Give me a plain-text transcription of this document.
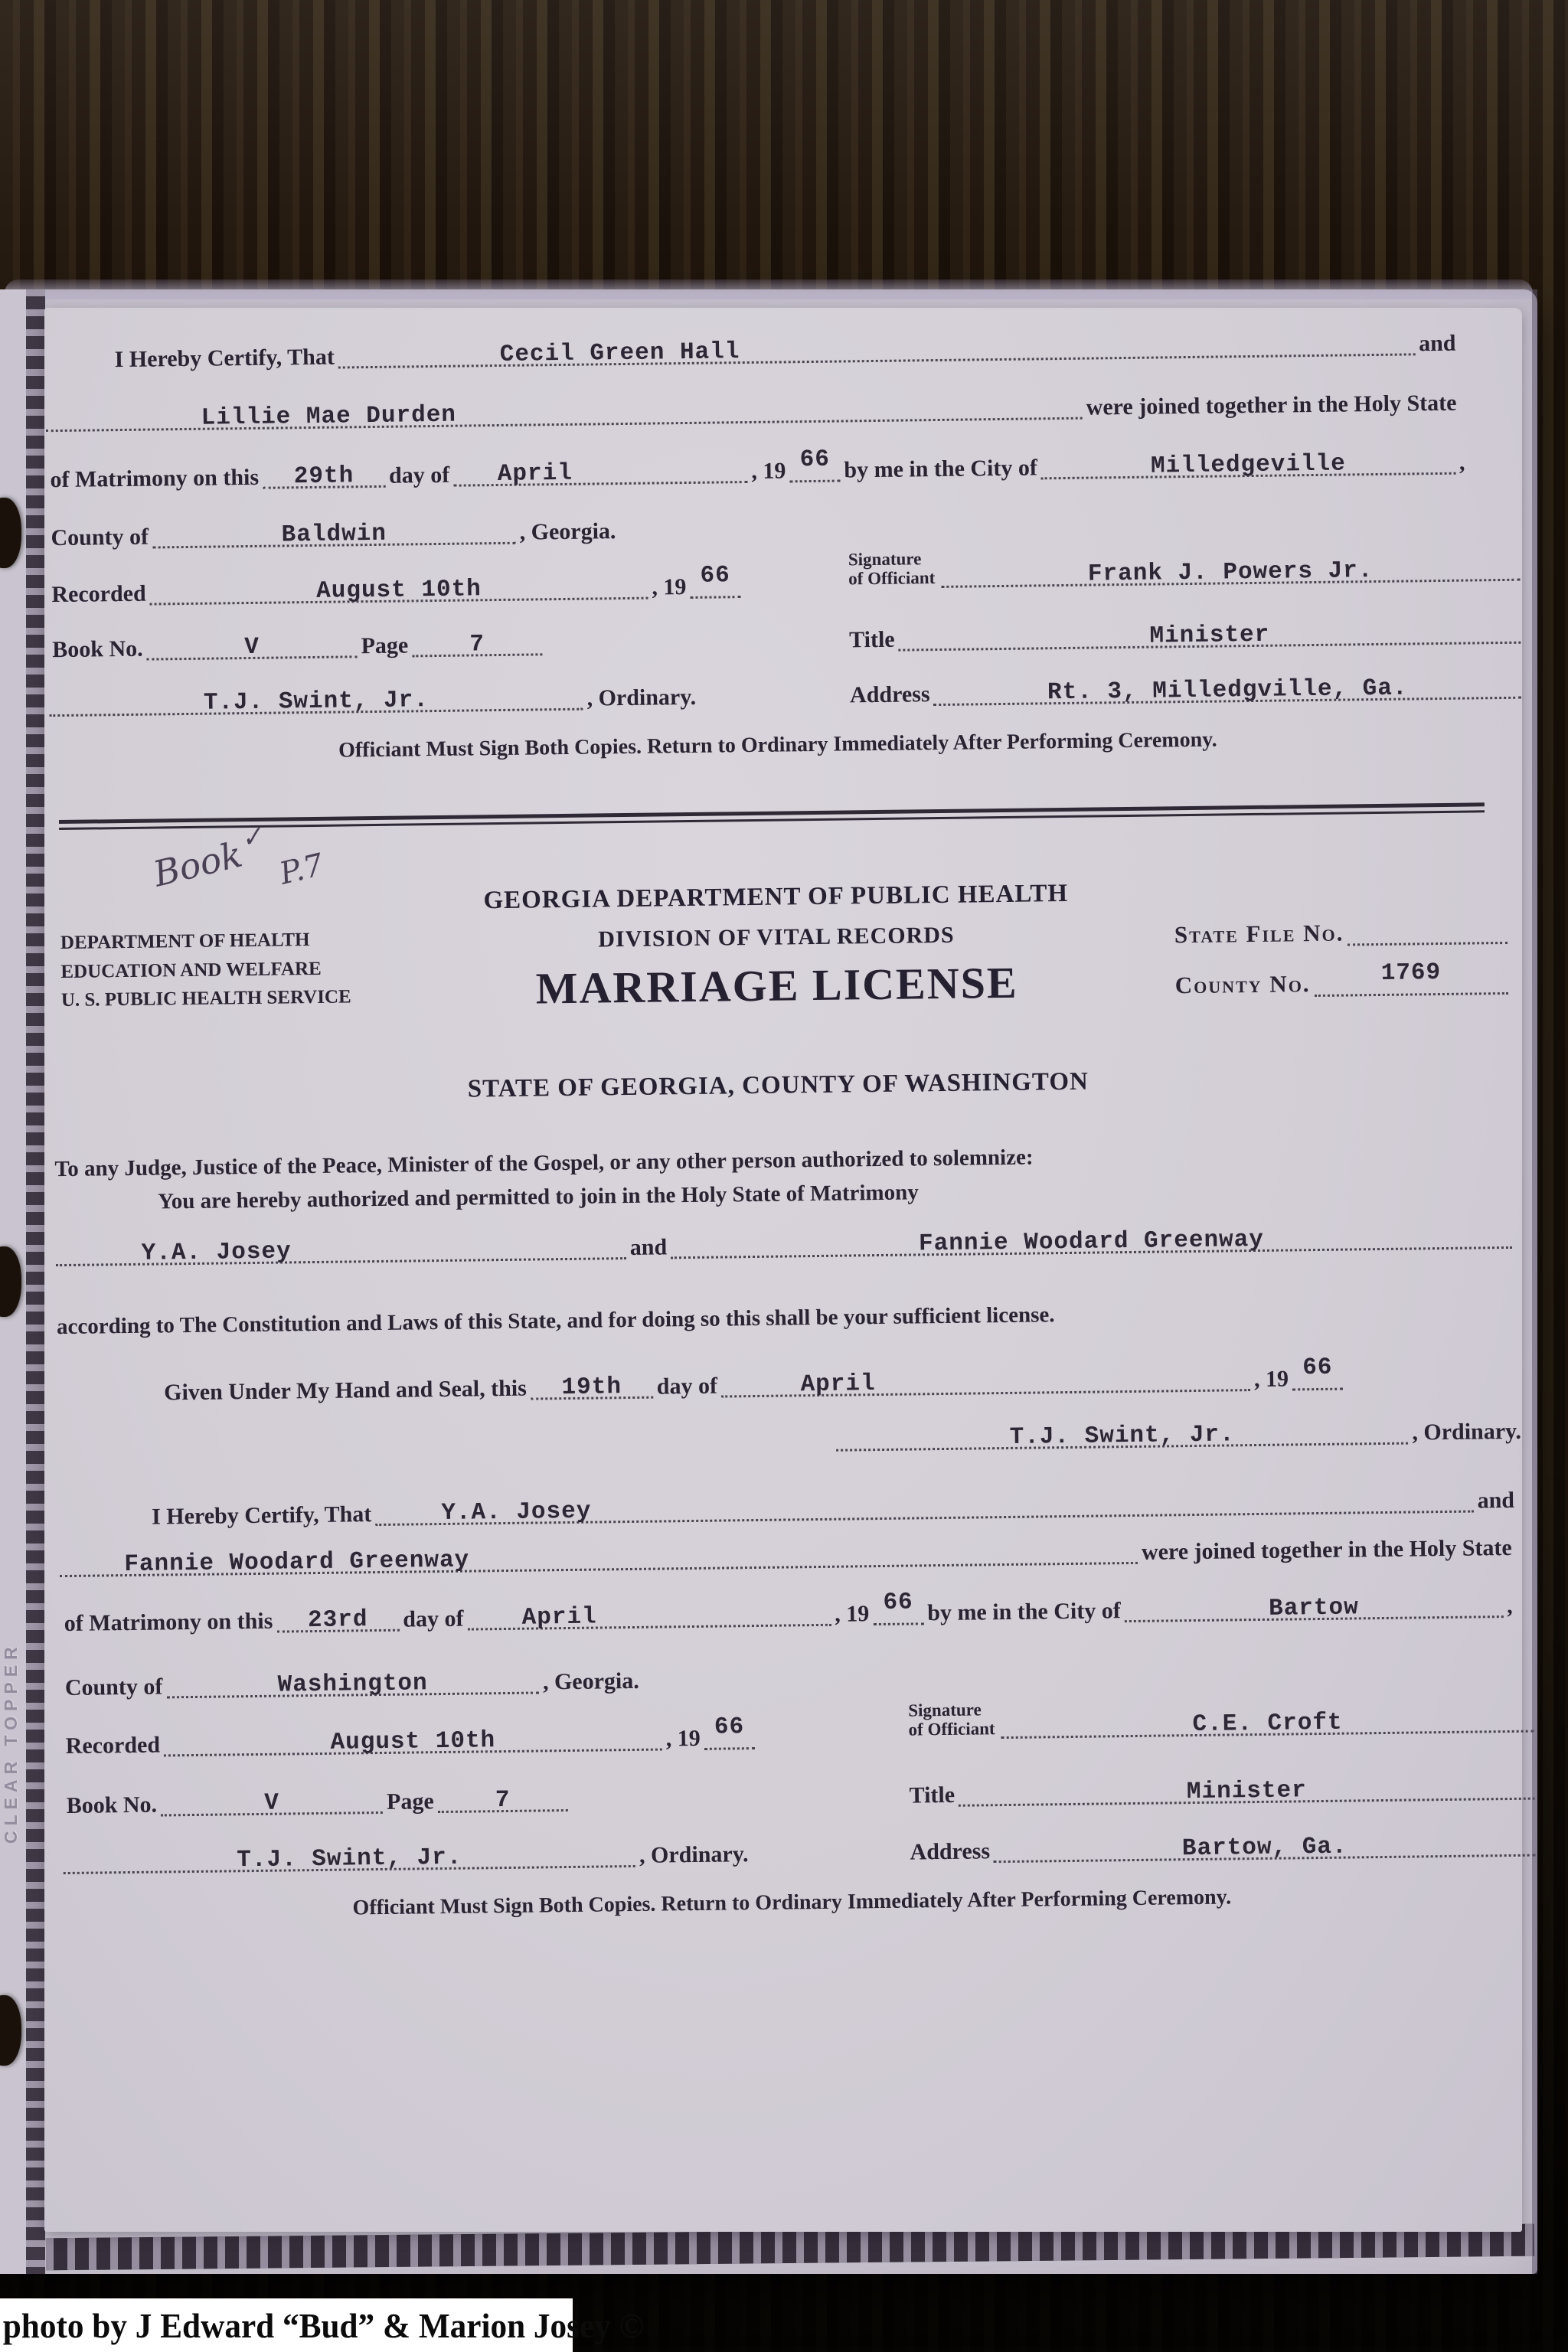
CLEAR TOPPER
I Hereby Certify, That	Cecil Green Hall	and
Lillie Mae Durden	were joined together in the Holy State
of Matrimony on this 29th day of April	, 19 66 by me in the City of	Milledgeville	,
County of	Baldwin	, Georgia.
Recorded	August 10th	, 19 66
Signature
of Officiant	Frank J. Powers Jr.
Book No.	V	Page	7	Title	Minister
T.J. Swint, Jr.	, Ordinary.	Address	Rt. 3, Milledgville, Ga.
Officiant Must Sign Both Copies. Return to Ordinary Immediately After Performing Ceremony.
Book✓
P.7
DEPARTMENT OF HEALTH
EDUCATION AND WELFARE
U. S. PUBLIC HEALTH SERVICE
GEORGIA DEPARTMENT OF PUBLIC HEALTH
DIVISION OF VITAL RECORDS
MARRIAGE LICENSE
State File No.
County No.	1769
STATE OF GEORGIA, COUNTY OF WASHINGTON
To any Judge, Justice of the Peace, Minister of the Gospel, or any other person authorized to solemnize:
You are hereby authorized and permitted to join in the Holy State of Matrimony
Y.A. Josey	and	Fannie Woodard Greenway
according to The Constitution and Laws of this State, and for doing so this shall be your sufficient license.
Given Under My Hand and Seal, this 19th day of	April	, 19 66
T.J. Swint, Jr.	, Ordinary.
I Hereby Certify, That	Y.A. Josey	and
Fannie Woodard Greenway	were joined together in the Holy State
of Matrimony on this 23rd day of April	, 19 66 by me in the City of	Bartow	,
County of	Washington	, Georgia.
Recorded	August 10th	, 19 66
Signature
of Officiant	C.E. Croft
Book No.	V	Page	7	Title	Minister
T.J. Swint, Jr.	, Ordinary.	Address	Bartow, Ga.
Officiant Must Sign Both Copies. Return to Ordinary Immediately After Performing Ceremony.
photo by J Edward “Bud” & Marion Josey ©
